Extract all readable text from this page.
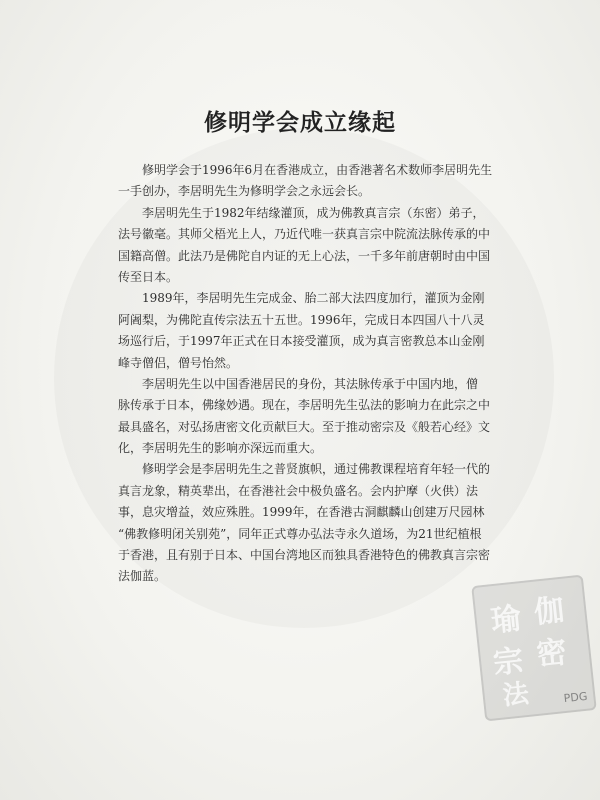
修明学会成立缘起
　　修明学会于1996年6月在香港成立，由香港著名术数师李居明先生
一手创办，李居明先生为修明学会之永远会长。
　　李居明先生于1982年结缘灌顶，成为佛教真言宗（东密）弟子，
法号徽毫。其师父梧光上人，乃近代唯一获真言宗中院流法脉传承的中
国籍高僧。此法乃是佛陀自内证的无上心法，一千多年前唐朝时由中国
传至日本。
　　1989年，李居明先生完成金、胎二部大法四度加行，灌顶为金刚
阿阇梨，为佛陀直传宗法五十五世。1996年，完成日本四国八十八灵
场巡行后，于1997年正式在日本接受灌顶，成为真言密教总本山金刚
峰寺僧侣，僧号怡然。
　　李居明先生以中国香港居民的身份，其法脉传承于中国内地，僧
脉传承于日本，佛缘妙遇。现在，李居明先生弘法的影响力在此宗之中
最具盛名，对弘扬唐密文化贡献巨大。至于推动密宗及《般若心经》文
化，李居明先生的影响亦深远而重大。
　　修明学会是李居明先生之普贤旗帜，通过佛教课程培育年轻一代的
真言龙象，精英辈出，在香港社会中极负盛名。会内护摩（火供）法
事，息灾增益，效应殊胜。1999年，在香港古洞麒麟山创建万尺园林
“佛教修明闭关别苑”，同年正式尊办弘法寺永久道场，为21世纪植根
于香港，且有别于日本、中国台湾地区而独具香港特色的佛教真言宗密
法伽蓝。
瑜 伽
密
宗
法	PDG
